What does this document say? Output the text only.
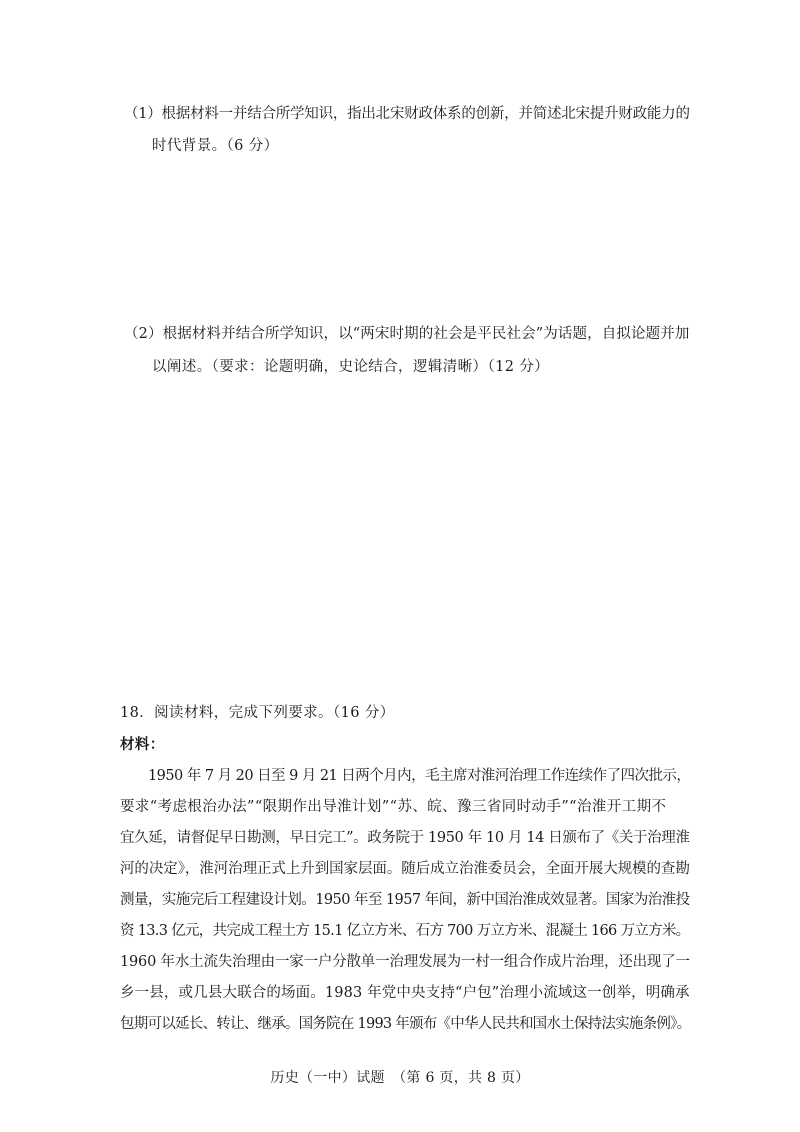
（1）根据材料一并结合所学知识，指出北宋财政体系的创新，并简述北宋提升财政能力的
时代背景。（6 分）
（2）根据材料并结合所学知识，以“两宋时期的社会是平民社会”为话题，自拟论题并加
以阐述。（要求：论题明确，史论结合，逻辑清晰）（12 分）
18．阅读材料，完成下列要求。（16 分）
材料：
1950 年 7 月 20 日至 9 月 21 日两个月内，毛主席对淮河治理工作连续作了四次批示，
要求“考虑根治办法”“限期作出导淮计划”“苏、皖、豫三省同时动手”“治淮开工期不
宜久延，请督促早日勘测，早日完工”。政务院于 1950 年 10 月 14 日颁布了《关于治理淮
河的决定》，淮河治理正式上升到国家层面。随后成立治淮委员会，全面开展大规模的查勘
测量，实施完后工程建设计划。1950 年至 1957 年间，新中国治淮成效显著。国家为治淮投
资 13.3 亿元，共完成工程土方 15.1 亿立方米、石方 700 万立方米、混凝土 166 万立方米。
1960 年水土流失治理由一家一户分散单一治理发展为一村一组合作成片治理，还出现了一
乡一县，或几县大联合的场面。1983 年党中央支持“户包”治理小流域这一创举，明确承
包期可以延长、转让、继承。国务院在 1993 年颁布《中华人民共和国水土保持法实施条例》。
历史（一中）试题　（第 6 页，共 8 页）
